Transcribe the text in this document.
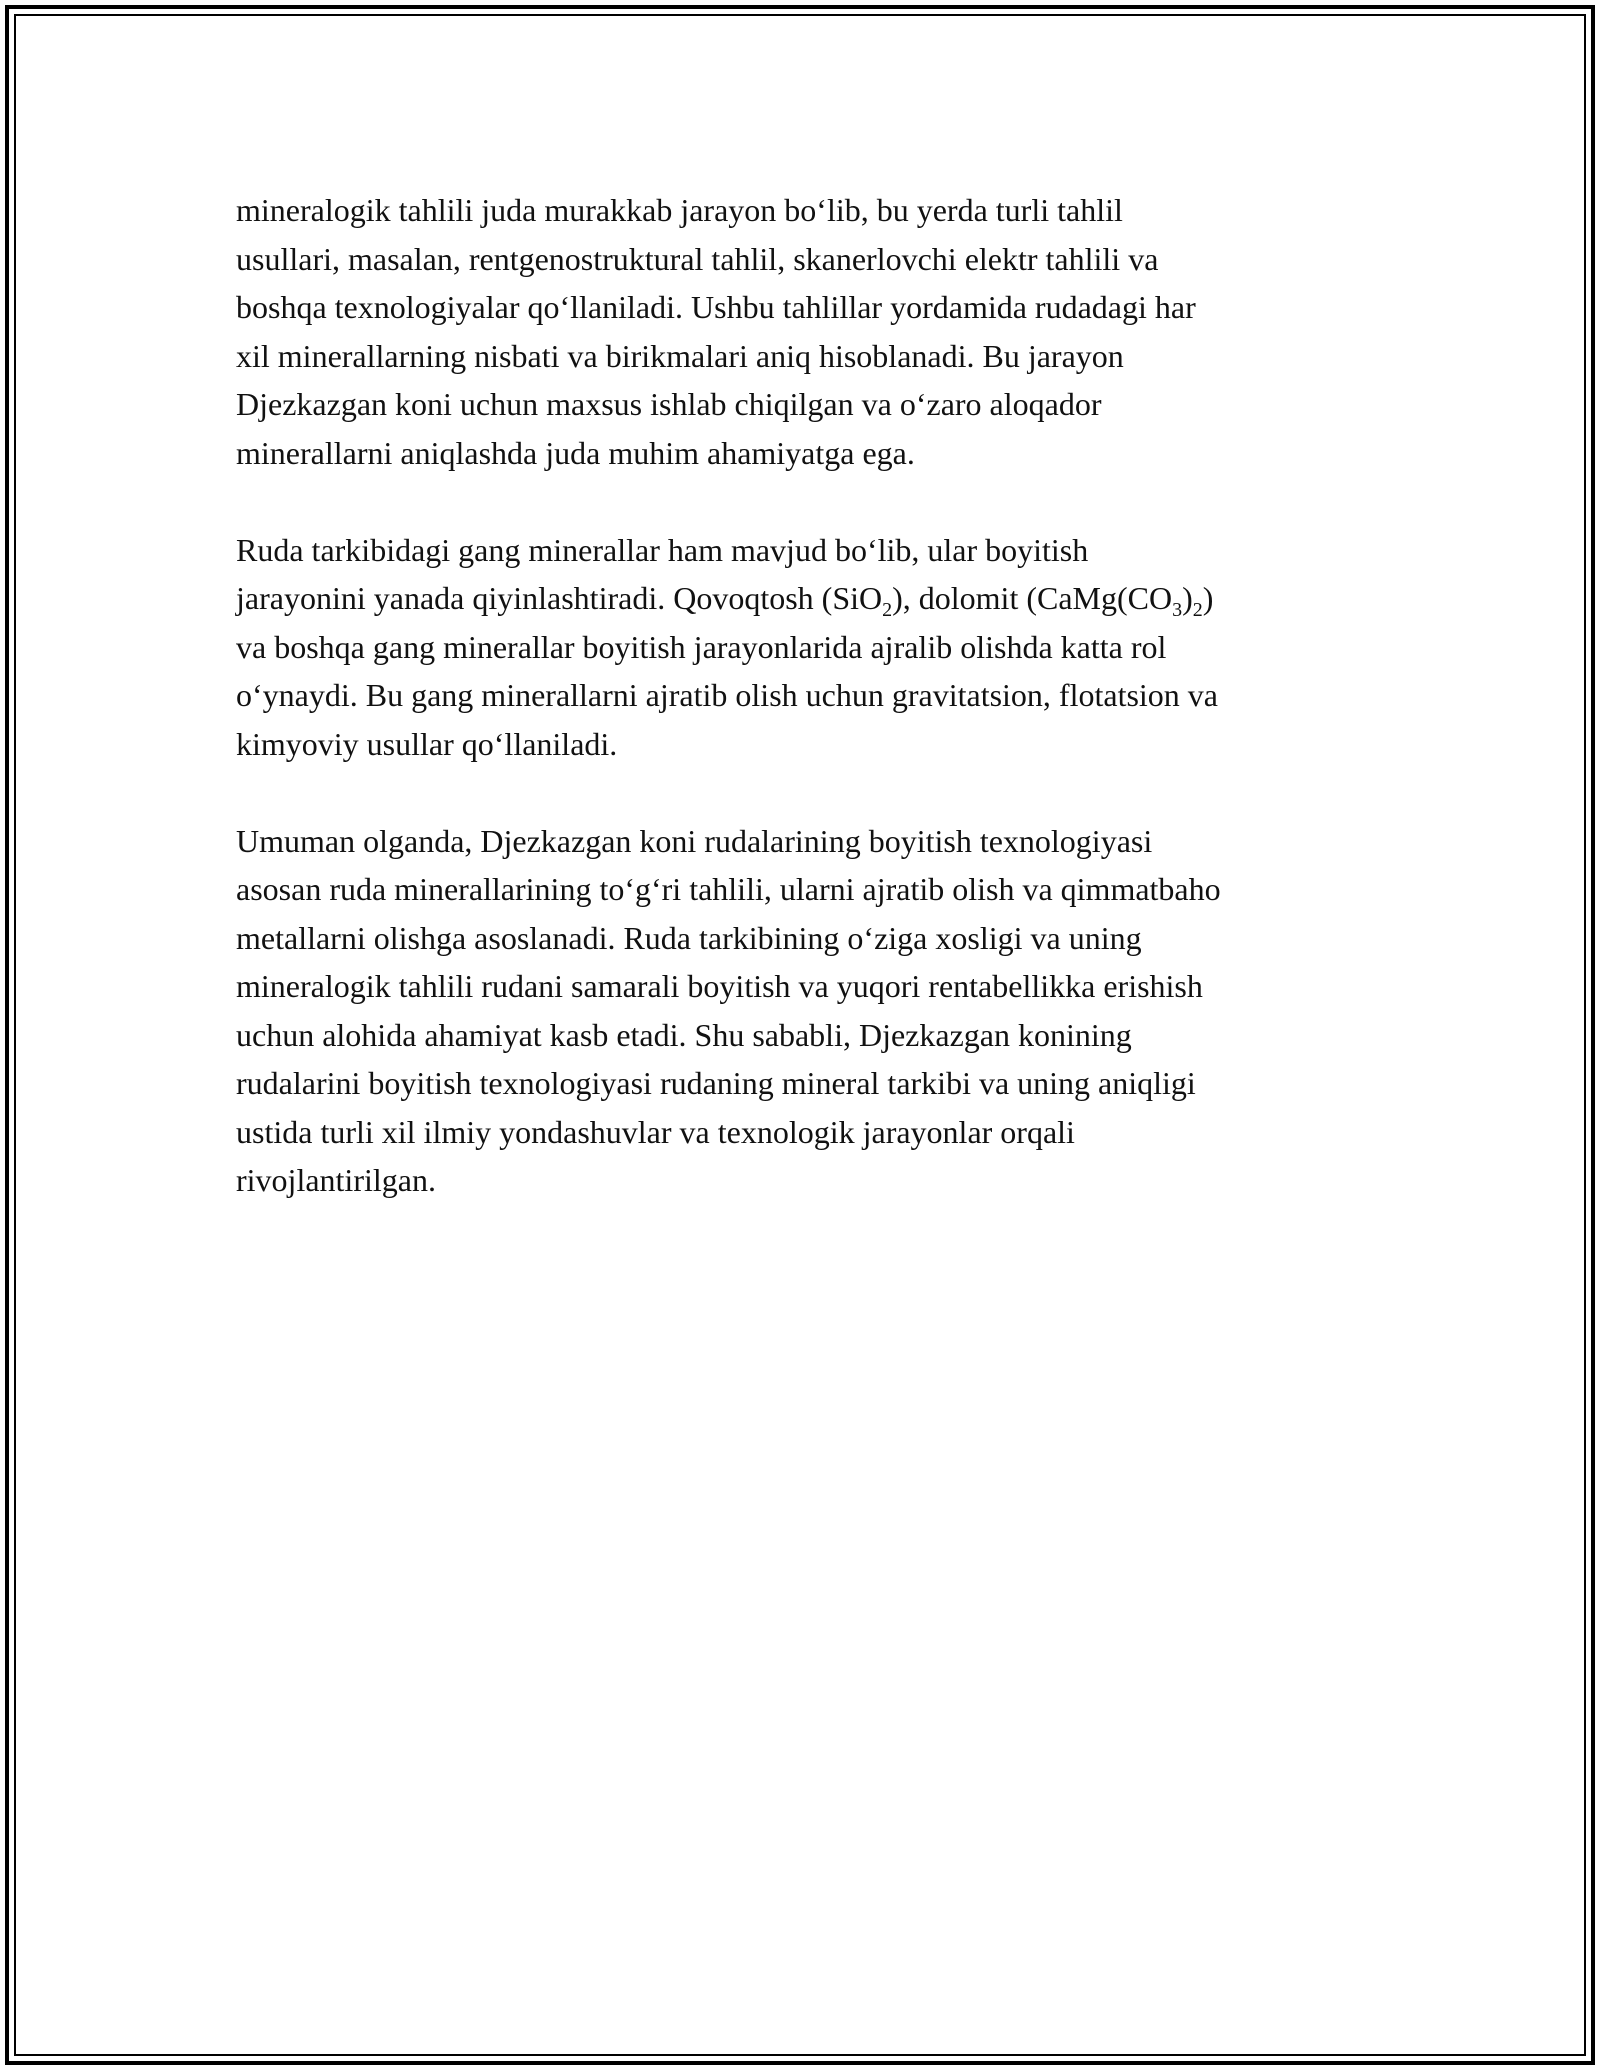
mineralogik tahlili juda murakkab jarayon bo‘lib, bu yerda turli tahlil
usullari, masalan, rentgenostruktural tahlil, skanerlovchi elektr tahlili va
boshqa texnologiyalar qo‘llaniladi. Ushbu tahlillar yordamida rudadagi har
xil minerallarning nisbati va birikmalari aniq hisoblanadi. Bu jarayon
Djezkazgan koni uchun maxsus ishlab chiqilgan va o‘zaro aloqador
minerallarni aniqlashda juda muhim ahamiyatga ega.

Ruda tarkibidagi gang minerallar ham mavjud bo‘lib, ular boyitish
jarayonini yanada qiyinlashtiradi. Qovoqtosh (SiO$_2$), dolomit $(CaMg(CO_3)_2)$
va boshqa gang minerallar boyitish jarayonlarida ajralib olishda katta rol
o‘ynaydi. Bu gang minerallarni ajratib olish uchun gravitatsion, flotatsion va
kimyoviy usullar qo‘llaniladi.

Umuman olganda, Djezkazgan koni rudalarining boyitish texnologiyasi
asosan ruda minerallarining to‘g‘ri tahlili, ularni ajratib olish va qimmatbaho
metallarni olishga asoslanadi. Ruda tarkibining o‘ziga xosligi va uning
mineralogik tahlili rudani samarali boyitish va yuqori rentabellikka erishish
uchun alohida ahamiyat kasb etadi. Shu sababli, Djezkazgan konining
rudalarini boyitish texnologiyasi rudaning mineral tarkibi va uning aniqligi
ustida turli xil ilmiy yondashuvlar va texnologik jarayonlar orqali
rivojlantirilgan.
